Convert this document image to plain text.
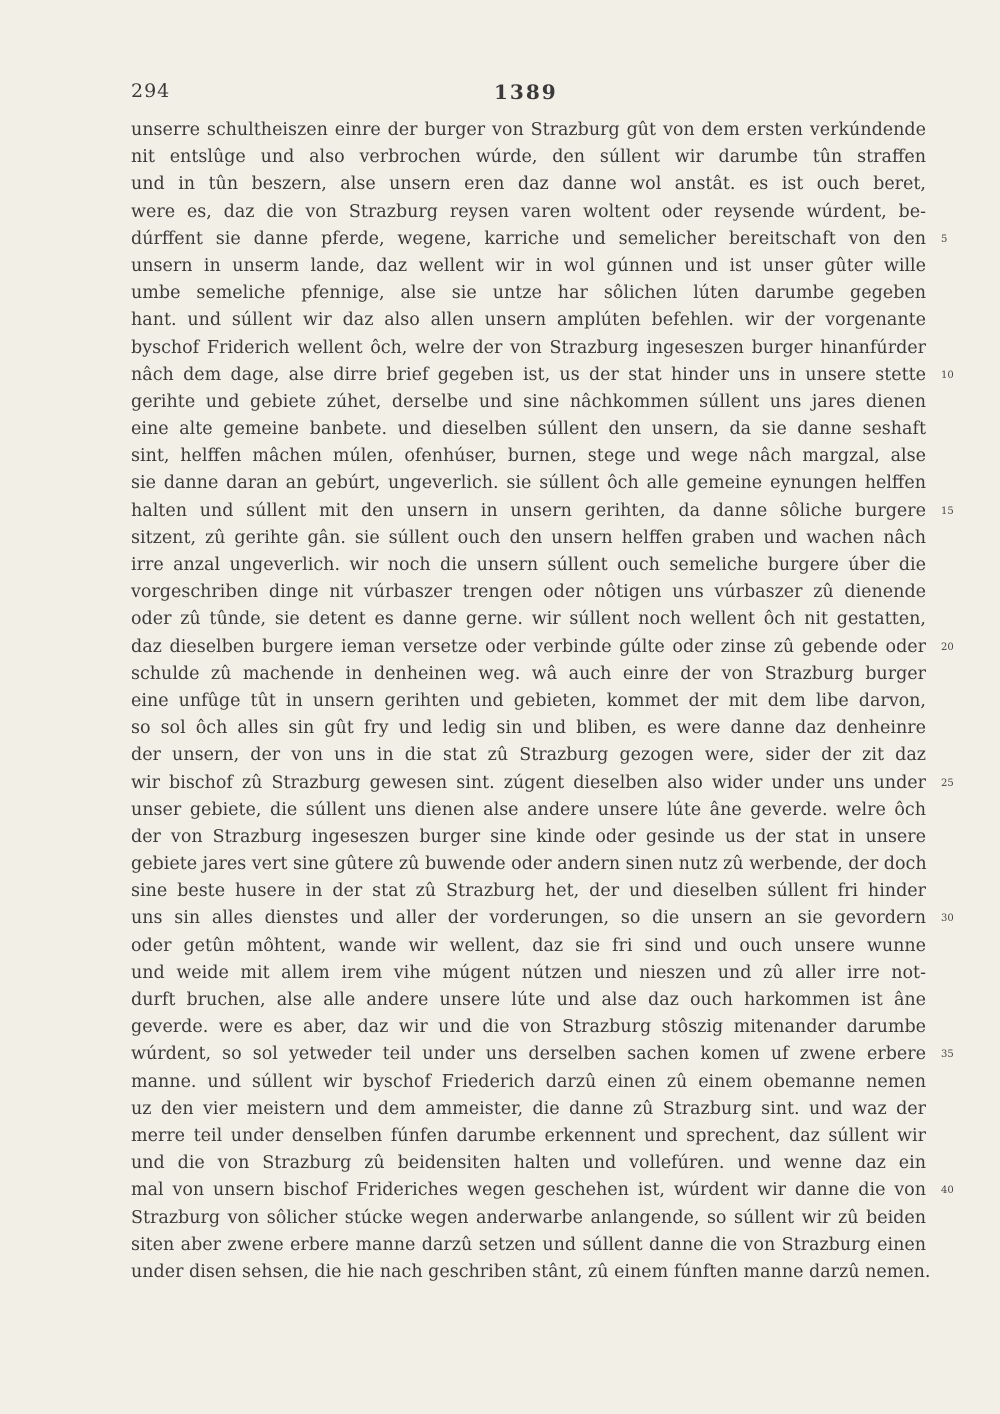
294	1389
unserre schultheiszen einre der burger von Strazburg gût von dem ersten verkúndende
nit entslûge und also verbrochen wúrde, den súllent wir darumbe tûn straffen
und in tûn beszern, alse unsern eren daz danne wol anstât. es ist ouch beret,
were es, daz die von Strazburg reysen varen woltent oder reysende wúrdent, be-
dúrffent sie danne pferde, wegene, karriche und semelicher bereitschaft von den 5
unsern in unserm lande, daz wellent wir in wol gúnnen und ist unser gûter wille
umbe semeliche pfennige, alse sie untze har sôlichen lúten darumbe gegeben
hant. und súllent wir daz also allen unsern amplúten befehlen. wir der vorgenante
byschof Friderich wellent ôch, welre der von Strazburg ingeseszen burger hinanfúrder
nâch dem dage, alse dirre brief gegeben ist, us der stat hinder uns in unsere stette 10
gerihte und gebiete zúhet, derselbe und sine nâchkommen súllent uns jares dienen
eine alte gemeine banbete. und dieselben súllent den unsern, da sie danne seshaft
sint, helffen mâchen múlen, ofenhúser, burnen, stege und wege nâch margzal, alse
sie danne daran an gebúrt, ungeverlich. sie súllent ôch alle gemeine eynungen helffen
halten und súllent mit den unsern in unsern gerihten, da danne sôliche burgere 15
sitzent, zû gerihte gân. sie súllent ouch den unsern helffen graben und wachen nâch
irre anzal ungeverlich. wir noch die unsern súllent ouch semeliche burgere úber die
vorgeschriben dinge nit vúrbaszer trengen oder nôtigen uns vúrbaszer zû dienende
oder zû tûnde, sie detent es danne gerne. wir súllent noch wellent ôch nit gestatten,
daz dieselben burgere ieman versetze oder verbinde gúlte oder zinse zû gebende oder 20
schulde zû machende in denheinen weg. wâ auch einre der von Strazburg burger
eine unfûge tût in unsern gerihten und gebieten, kommet der mit dem libe darvon,
so sol ôch alles sin gût fry und ledig sin und bliben, es were danne daz denheinre
der unsern, der von uns in die stat zû Strazburg gezogen were, sider der zit daz
wir bischof zû Strazburg gewesen sint. zúgent dieselben also wider under uns under 25
unser gebiete, die súllent uns dienen alse andere unsere lúte âne geverde. welre ôch
der von Strazburg ingeseszen burger sine kinde oder gesinde us der stat in unsere
gebiete jares vert sine gûtere zû buwende oder andern sinen nutz zû werbende, der doch
sine beste husere in der stat zû Strazburg het, der und dieselben súllent fri hinder
uns sin alles dienstes und aller der vorderungen, so die unsern an sie gevordern 30
oder getûn môhtent, wande wir wellent, daz sie fri sind und ouch unsere wunne
und weide mit allem irem vihe múgent nútzen und nieszen und zû aller irre not-
durft bruchen, alse alle andere unsere lúte und alse daz ouch harkommen ist âne
geverde. were es aber, daz wir und die von Strazburg stôszig mitenander darumbe
wúrdent, so sol yetweder teil under uns derselben sachen komen uf zwene erbere 35
manne. und súllent wir byschof Friederich darzû einen zû einem obemanne nemen
uz den vier meistern und dem ammeister, die danne zû Strazburg sint. und waz der
merre teil under denselben fúnfen darumbe erkennent und sprechent, daz súllent wir
und die von Strazburg zû beidensiten halten und vollefúren. und wenne daz ein
mal von unsern bischof Frideriches wegen geschehen ist, wúrdent wir danne die von 40
Strazburg von sôlicher stúcke wegen anderwarbe anlangende, so súllent wir zû beiden
siten aber zwene erbere manne darzû setzen und súllent danne die von Strazburg einen
under disen sehsen, die hie nach geschriben stânt, zû einem fúnften manne darzû nemen.
